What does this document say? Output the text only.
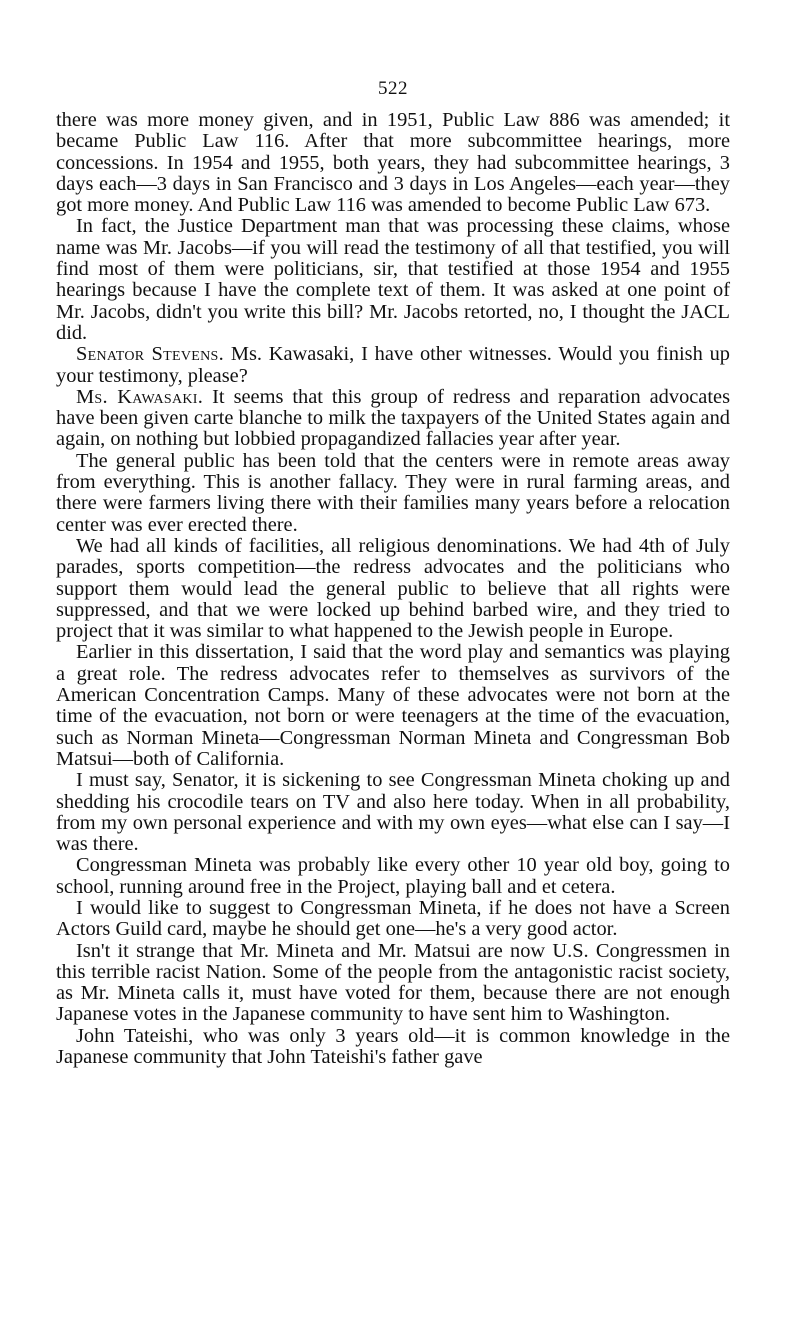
522

there was more money given, and in 1951, Public Law 886 was amended; it became Public Law 116. After that more subcommittee hearings, more concessions. In 1954 and 1955, both years, they had subcommittee hearings, 3 days each—3 days in San Francisco and 3 days in Los Angeles—each year—they got more money. And Public Law 116 was amended to become Public Law 673.

In fact, the Justice Department man that was processing these claims, whose name was Mr. Jacobs—if you will read the testimony of all that testified, you will find most of them were politicians, sir, that testified at those 1954 and 1955 hearings because I have the complete text of them. It was asked at one point of Mr. Jacobs, didn't you write this bill? Mr. Jacobs retorted, no, I thought the JACL did.

Senator Stevens. Ms. Kawasaki, I have other witnesses. Would you finish up your testimony, please?

Ms. Kawasaki. It seems that this group of redress and reparation advocates have been given carte blanche to milk the taxpayers of the United States again and again, on nothing but lobbied propagandized fallacies year after year.

The general public has been told that the centers were in remote areas away from everything. This is another fallacy. They were in rural farming areas, and there were farmers living there with their families many years before a relocation center was ever erected there.

We had all kinds of facilities, all religious denominations. We had 4th of July parades, sports competition—the redress advocates and the politicians who support them would lead the general public to believe that all rights were suppressed, and that we were locked up behind barbed wire, and they tried to project that it was similar to what happened to the Jewish people in Europe.

Earlier in this dissertation, I said that the word play and semantics was playing a great role. The redress advocates refer to themselves as survivors of the American Concentration Camps. Many of these advocates were not born at the time of the evacuation, not born or were teenagers at the time of the evacuation, such as Norman Mineta—Congressman Norman Mineta and Congressman Bob Matsui—both of California.

I must say, Senator, it is sickening to see Congressman Mineta choking up and shedding his crocodile tears on TV and also here today. When in all probability, from my own personal experience and with my own eyes—what else can I say—I was there.

Congressman Mineta was probably like every other 10 year old boy, going to school, running around free in the Project, playing ball and et cetera.

I would like to suggest to Congressman Mineta, if he does not have a Screen Actors Guild card, maybe he should get one—he's a very good actor.

Isn't it strange that Mr. Mineta and Mr. Matsui are now U.S. Congressmen in this terrible racist Nation. Some of the people from the antagonistic racist society, as Mr. Mineta calls it, must have voted for them, because there are not enough Japanese votes in the Japanese community to have sent him to Washington.

John Tateishi, who was only 3 years old—it is common knowledge in the Japanese community that John Tateishi's father gave
